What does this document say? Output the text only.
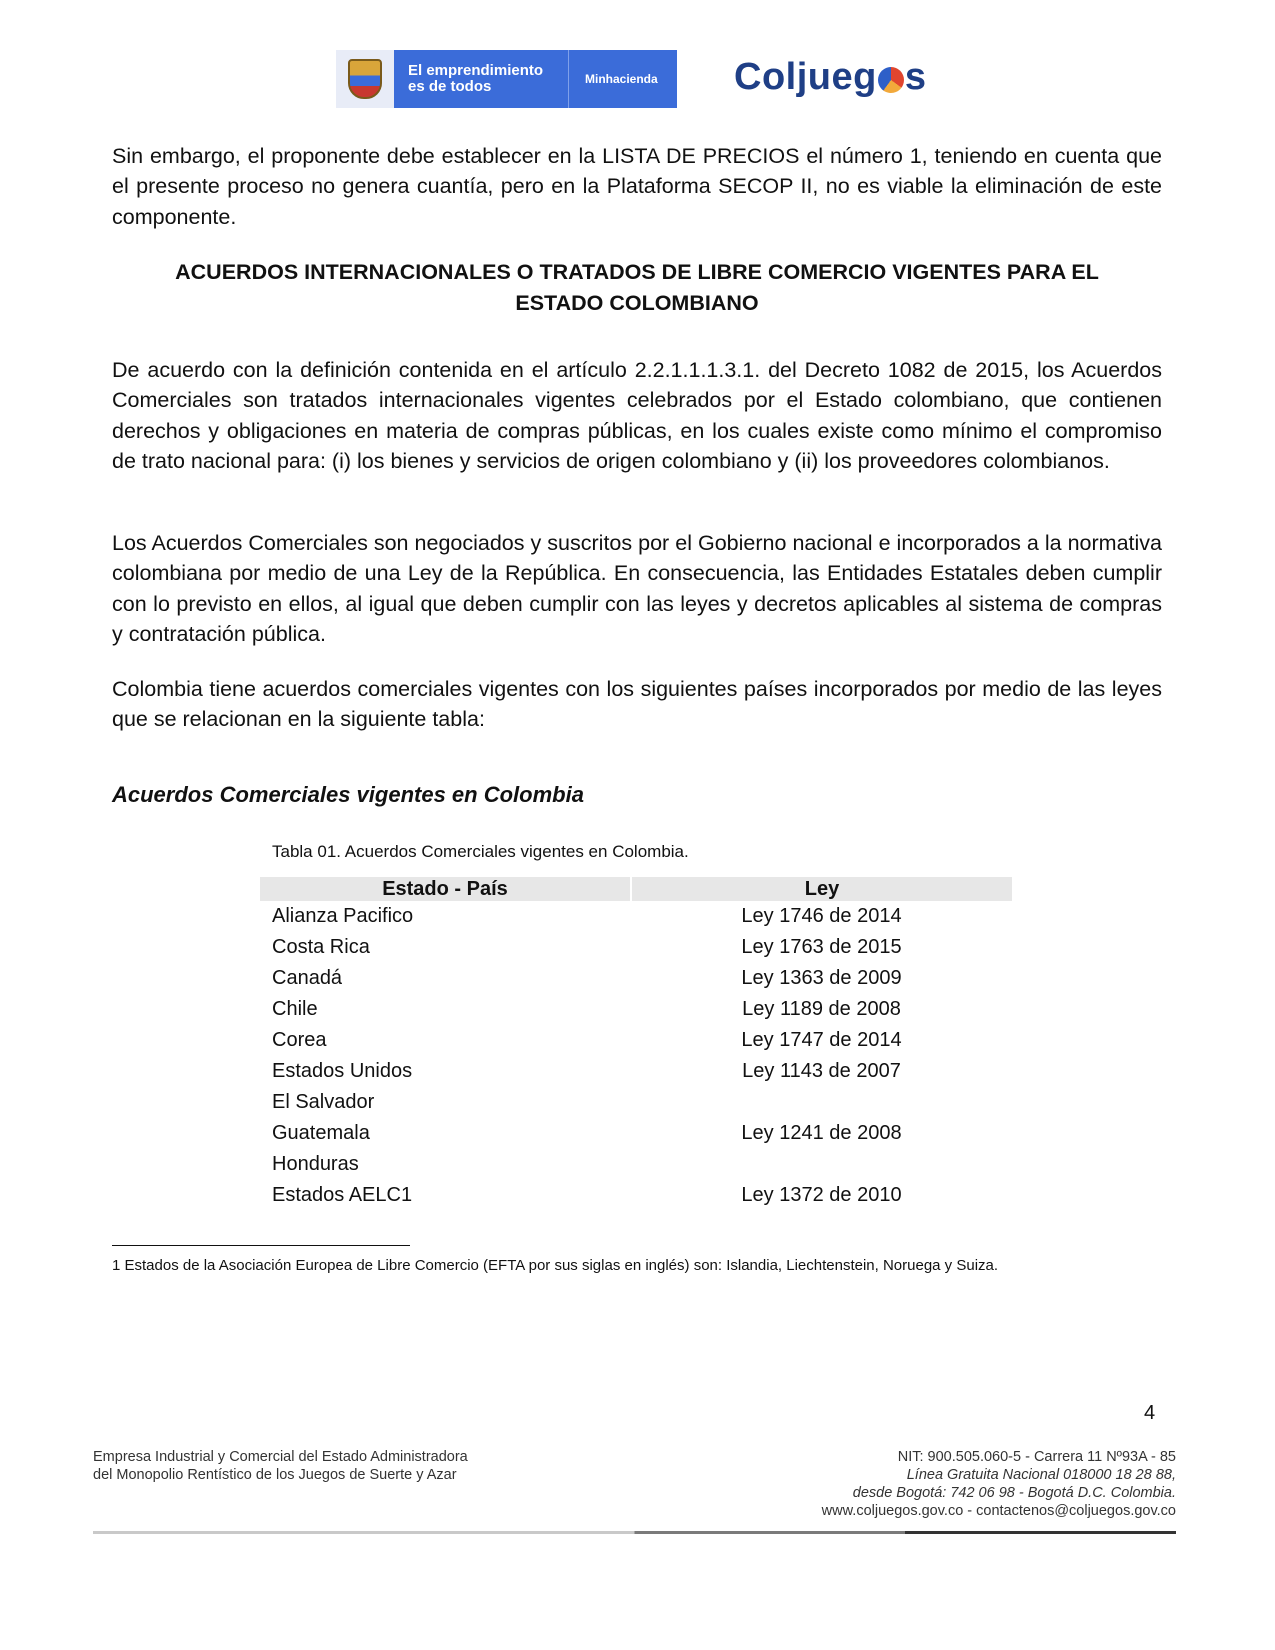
El emprendimiento
es de todos	Minhacienda Coljueg s

Sin embargo, el proponente debe establecer en la LISTA DE PRECIOS el número 1, teniendo en cuenta que el presente proceso no genera cuantía, pero en la Plataforma SECOP II, no es viable la eliminación de este componente.

ACUERDOS INTERNACIONALES O TRATADOS DE LIBRE COMERCIO VIGENTES PARA EL
ESTADO COLOMBIANO

De acuerdo con la definición contenida en el artículo 2.2.1.1.1.3.1. del Decreto 1082 de 2015, los Acuerdos Comerciales son tratados internacionales vigentes celebrados por el Estado colombiano, que contienen derechos y obligaciones en materia de compras públicas, en los cuales existe como mínimo el compromiso de trato nacional para: (i) los bienes y servicios de origen colombiano y (ii) los proveedores colombianos.

Los Acuerdos Comerciales son negociados y suscritos por el Gobierno nacional e incorporados a la normativa colombiana por medio de una Ley de la República. En consecuencia, las Entidades Estatales deben cumplir con lo previsto en ellos, al igual que deben cumplir con las leyes y decretos aplicables al sistema de compras y contratación pública.

Colombia tiene acuerdos comerciales vigentes con los siguientes países incorporados por medio de las leyes que se relacionan en la siguiente tabla:

Acuerdos Comerciales vigentes en Colombia

Tabla 01. Acuerdos Comerciales vigentes en Colombia.

Estado - País	Ley
Alianza Pacifico	Ley 1746 de 2014
Costa Rica	Ley 1763 de 2015
Canadá	Ley 1363 de 2009
Chile	Ley 1189 de 2008
Corea	Ley 1747 de 2014
Estados Unidos	Ley 1143 de 2007
El Salvador	
Guatemala	Ley 1241 de 2008
Honduras	
Estados AELC1	Ley 1372 de 2010

1 Estados de la Asociación Europea de Libre Comercio (EFTA por sus siglas en inglés) son: Islandia, Liechtenstein, Noruega y Suiza.

4
Empresa Industrial y Comercial del Estado Administradora
del Monopolio Rentístico de los Juegos de Suerte y Azar
NIT: 900.505.060-5 - Carrera 11 Nº93A - 85
Línea Gratuita Nacional 018000 18 28 88,
desde Bogotá: 742 06 98 - Bogotá D.C. Colombia.
www.coljuegos.gov.co - contactenos@coljuegos.gov.co
